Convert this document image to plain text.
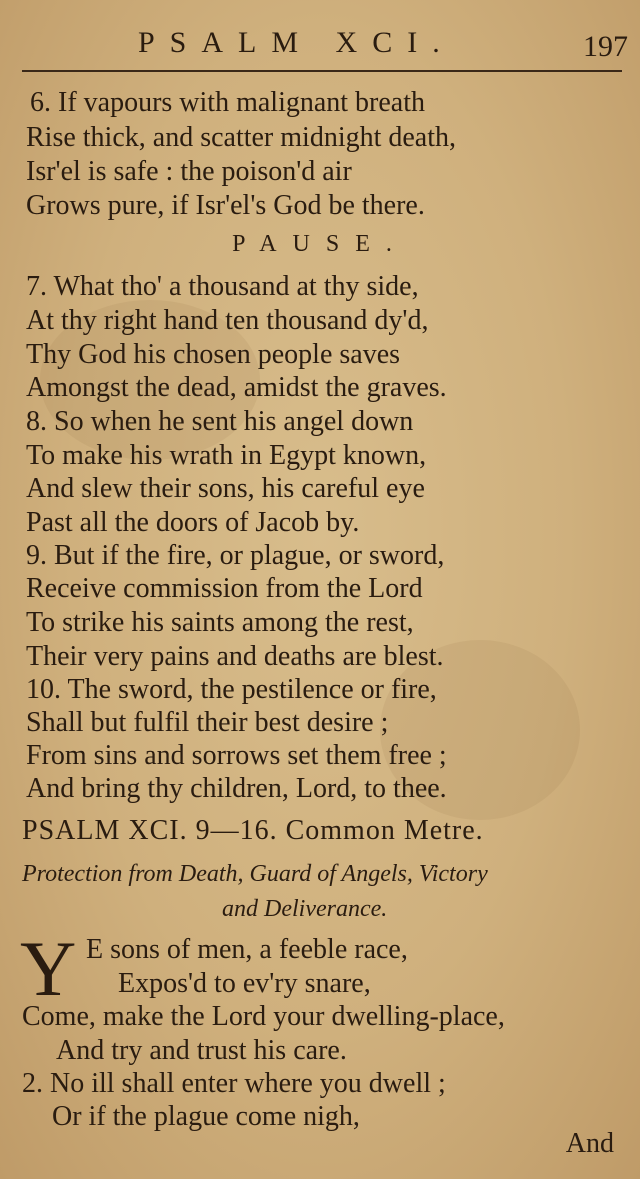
PSALM XCI.	197
6. If vapours with malignant breath
Rise thick, and scatter midnight death,
Isr'el is safe : the poison'd air
Grows pure, if Isr'el's God be there.
PAUSE.
7. What tho' a thousand at thy side,
At thy right hand ten thousand dy'd,
Thy God his chosen people saves
Amongst the dead, amidst the graves.
8. So when he sent his angel down
To make his wrath in Egypt known,
And slew their sons, his careful eye
Past all the doors of Jacob by.
9. But if the fire, or plague, or sword,
Receive commission from the Lord
To strike his saints among the rest,
Their very pains and deaths are blest.
10. The sword, the pestilence or fire,
Shall but fulfil their best desire ;
From sins and sorrows set them free ;
And bring thy children, Lord, to thee.
PSALM XCI. 9—16. Common Metre.
Protection from Death, Guard of Angels, Victory
and Deliverance.
Y E sons of men, a feeble race,
Expos'd to ev'ry snare,
Come, make the Lord your dwelling-place,
And try and trust his care.
2. No ill shall enter where you dwell ;
Or if the plague come nigh,
And
